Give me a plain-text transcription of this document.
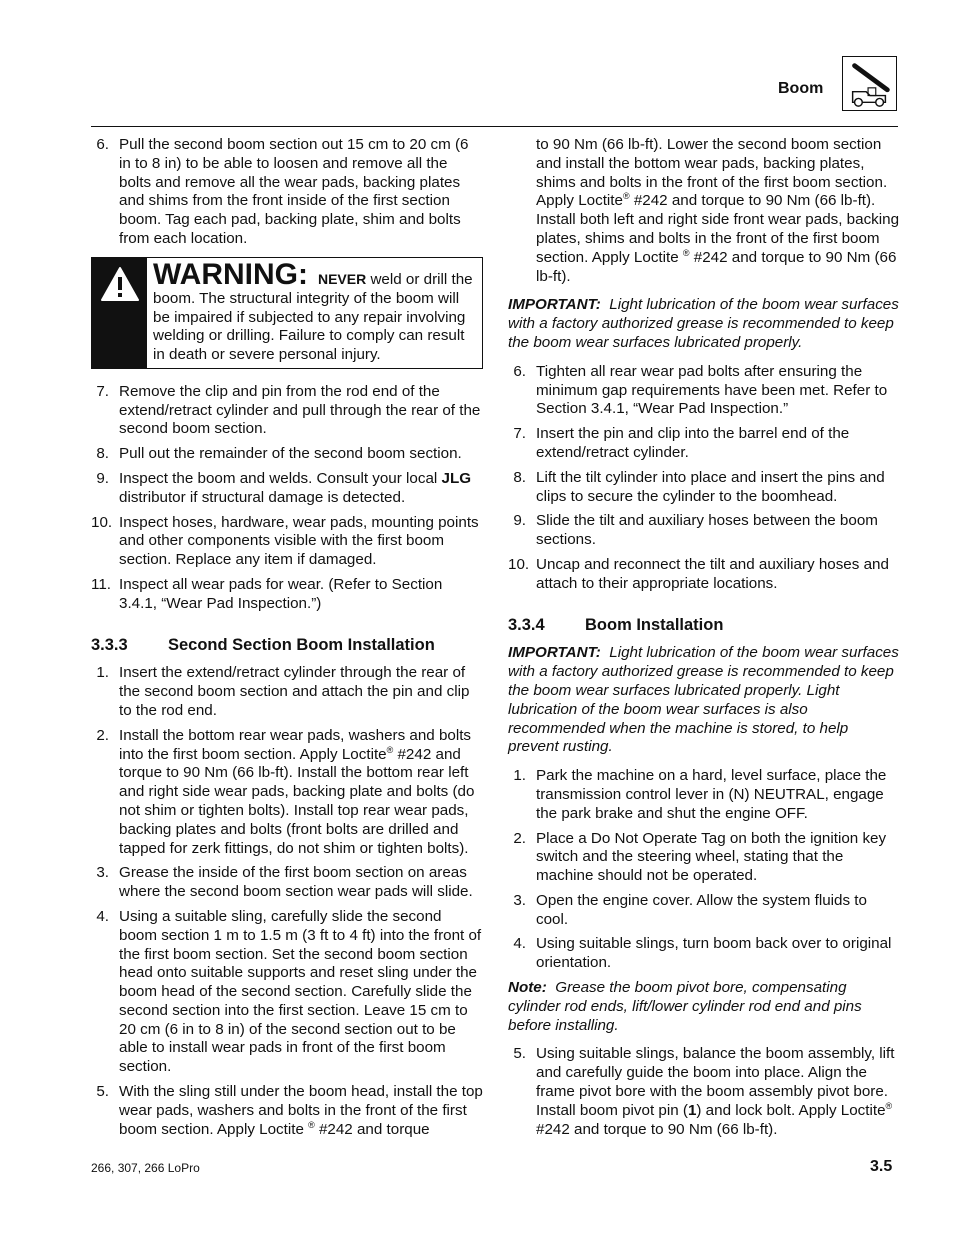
Boom
6. Pull the second boom section out 15 cm to 20 cm (6 in to 8 in) to be able to loosen and remove all the bolts and remove all the wear pads, backing plates and shims from the front inside of the first section boom. Tag each pad, backing plate, shim and bolts from each location.
WARNING: NEVER weld or drill the boom. The structural integrity of the boom will be impaired if subjected to any repair involving welding or drilling. Failure to comply can result in death or severe personal injury.
7. Remove the clip and pin from the rod end of the extend/retract cylinder and pull through the rear of the second boom section.
8. Pull out the remainder of the second boom section.
9. Inspect the boom and welds. Consult your local JLG distributor if structural damage is detected.
10. Inspect hoses, hardware, wear pads, mounting points and other components visible with the first boom section. Replace any item if damaged.
11. Inspect all wear pads for wear. (Refer to Section 3.4.1, “Wear Pad Inspection.”)
3.3.3	Second Section Boom Installation
1. Insert the extend/retract cylinder through the rear of the second boom section and attach the pin and clip to the rod end.
2. Install the bottom rear wear pads, washers and bolts into the first boom section. Apply Loctite® #242 and torque to 90 Nm (66 lb-ft). Install the bottom rear left and right side wear pads, backing plate and bolts (do not shim or tighten bolts). Install top rear wear pads, backing plates and bolts (front bolts are drilled and tapped for zerk fittings, do not shim or tighten bolts).
3. Grease the inside of the first boom section on areas where the second boom section wear pads will slide.
4. Using a suitable sling, carefully slide the second boom section 1 m to 1.5 m (3 ft to 4 ft) into the front of the first boom section. Set the second boom section head onto suitable supports and reset sling under the boom head of the second section. Carefully slide the second section into the first section. Leave 15 cm to 20 cm (6 in to 8 in) of the second section out to be able to install wear pads in front of the first boom section.
5. With the sling still under the boom head, install the top wear pads, washers and bolts in the front of the first boom section. Apply Loctite ® #242 and torque
to 90 Nm (66 lb-ft). Lower the second boom section and install the bottom wear pads, backing plates, shims and bolts in the front of the first boom section. Apply Loctite® #242 and torque to 90 Nm (66 lb-ft). Install both left and right side front wear pads, backing plates, shims and bolts in the front of the first boom section. Apply Loctite ® #242 and torque to 90 Nm (66 lb-ft).
IMPORTANT: Light lubrication of the boom wear surfaces with a factory authorized grease is recommended to keep the boom wear surfaces lubricated properly.
6. Tighten all rear wear pad bolts after ensuring the minimum gap requirements have been met. Refer to Section 3.4.1, “Wear Pad Inspection.”
7. Insert the pin and clip into the barrel end of the extend/retract cylinder.
8. Lift the tilt cylinder into place and insert the pins and clips to secure the cylinder to the boomhead.
9. Slide the tilt and auxiliary hoses between the boom sections.
10. Uncap and reconnect the tilt and auxiliary hoses and attach to their appropriate locations.
3.3.4	Boom Installation
IMPORTANT: Light lubrication of the boom wear surfaces with a factory authorized grease is recommended to keep the boom wear surfaces lubricated properly. Light lubrication of the boom wear surfaces is also recommended when the machine is stored, to help prevent rusting.
1. Park the machine on a hard, level surface, place the transmission control lever in (N) NEUTRAL, engage the park brake and shut the engine OFF.
2. Place a Do Not Operate Tag on both the ignition key switch and the steering wheel, stating that the machine should not be operated.
3. Open the engine cover. Allow the system fluids to cool.
4. Using suitable slings, turn boom back over to original orientation.
Note: Grease the boom pivot bore, compensating cylinder rod ends, lift/lower cylinder rod end and pins before installing.
5. Using suitable slings, balance the boom assembly, lift and carefully guide the boom into place. Align the frame pivot bore with the boom assembly pivot bore. Install boom pivot pin (1) and lock bolt. Apply Loctite® #242 and torque to 90 Nm (66 lb-ft).
266, 307, 266 LoPro	3.5
